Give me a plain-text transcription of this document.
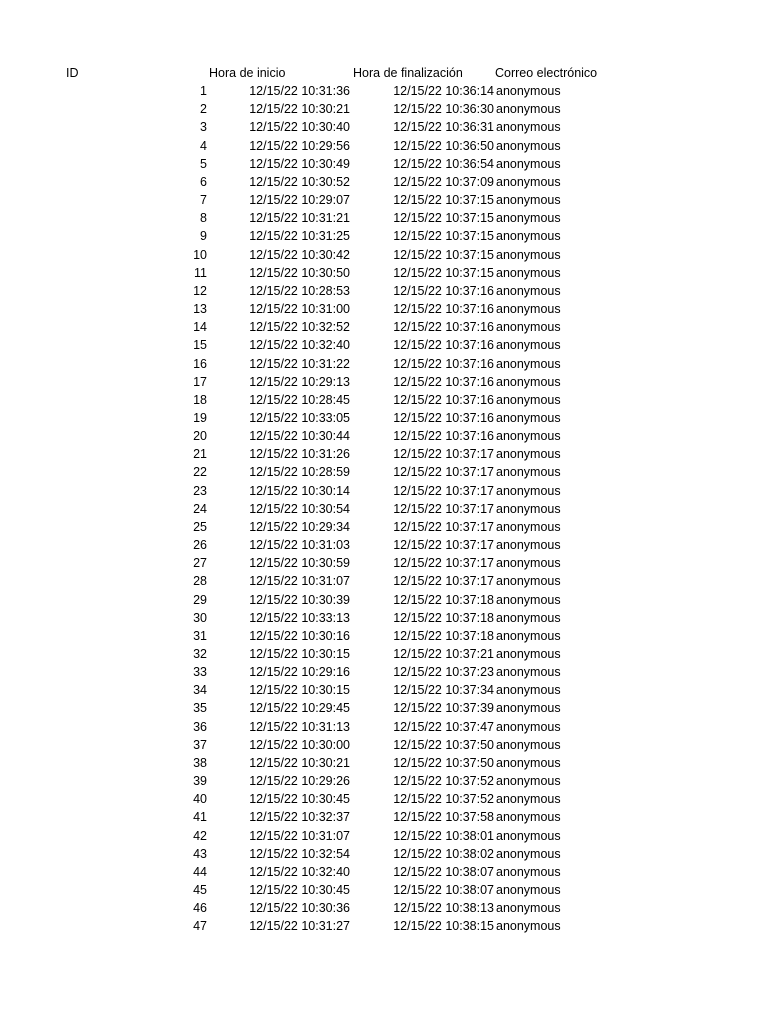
ID	Hora de inicio	Hora de finalización	Correo electrónico
1	12/15/22 10:31:36	12/15/22 10:36:14 anonymous
2	12/15/22 10:30:21	12/15/22 10:36:30 anonymous
3	12/15/22 10:30:40	12/15/22 10:36:31 anonymous
4	12/15/22 10:29:56	12/15/22 10:36:50 anonymous
5	12/15/22 10:30:49	12/15/22 10:36:54 anonymous
6	12/15/22 10:30:52	12/15/22 10:37:09 anonymous
7	12/15/22 10:29:07	12/15/22 10:37:15 anonymous
8	12/15/22 10:31:21	12/15/22 10:37:15 anonymous
9	12/15/22 10:31:25	12/15/22 10:37:15 anonymous
10	12/15/22 10:30:42	12/15/22 10:37:15 anonymous
11	12/15/22 10:30:50	12/15/22 10:37:15 anonymous
12	12/15/22 10:28:53	12/15/22 10:37:16 anonymous
13	12/15/22 10:31:00	12/15/22 10:37:16 anonymous
14	12/15/22 10:32:52	12/15/22 10:37:16 anonymous
15	12/15/22 10:32:40	12/15/22 10:37:16 anonymous
16	12/15/22 10:31:22	12/15/22 10:37:16 anonymous
17	12/15/22 10:29:13	12/15/22 10:37:16 anonymous
18	12/15/22 10:28:45	12/15/22 10:37:16 anonymous
19	12/15/22 10:33:05	12/15/22 10:37:16 anonymous
20	12/15/22 10:30:44	12/15/22 10:37:16 anonymous
21	12/15/22 10:31:26	12/15/22 10:37:17 anonymous
22	12/15/22 10:28:59	12/15/22 10:37:17 anonymous
23	12/15/22 10:30:14	12/15/22 10:37:17 anonymous
24	12/15/22 10:30:54	12/15/22 10:37:17 anonymous
25	12/15/22 10:29:34	12/15/22 10:37:17 anonymous
26	12/15/22 10:31:03	12/15/22 10:37:17 anonymous
27	12/15/22 10:30:59	12/15/22 10:37:17 anonymous
28	12/15/22 10:31:07	12/15/22 10:37:17 anonymous
29	12/15/22 10:30:39	12/15/22 10:37:18 anonymous
30	12/15/22 10:33:13	12/15/22 10:37:18 anonymous
31	12/15/22 10:30:16	12/15/22 10:37:18 anonymous
32	12/15/22 10:30:15	12/15/22 10:37:21 anonymous
33	12/15/22 10:29:16	12/15/22 10:37:23 anonymous
34	12/15/22 10:30:15	12/15/22 10:37:34 anonymous
35	12/15/22 10:29:45	12/15/22 10:37:39 anonymous
36	12/15/22 10:31:13	12/15/22 10:37:47 anonymous
37	12/15/22 10:30:00	12/15/22 10:37:50 anonymous
38	12/15/22 10:30:21	12/15/22 10:37:50 anonymous
39	12/15/22 10:29:26	12/15/22 10:37:52 anonymous
40	12/15/22 10:30:45	12/15/22 10:37:52 anonymous
41	12/15/22 10:32:37	12/15/22 10:37:58 anonymous
42	12/15/22 10:31:07	12/15/22 10:38:01 anonymous
43	12/15/22 10:32:54	12/15/22 10:38:02 anonymous
44	12/15/22 10:32:40	12/15/22 10:38:07 anonymous
45	12/15/22 10:30:45	12/15/22 10:38:07 anonymous
46	12/15/22 10:30:36	12/15/22 10:38:13 anonymous
47	12/15/22 10:31:27	12/15/22 10:38:15 anonymous
